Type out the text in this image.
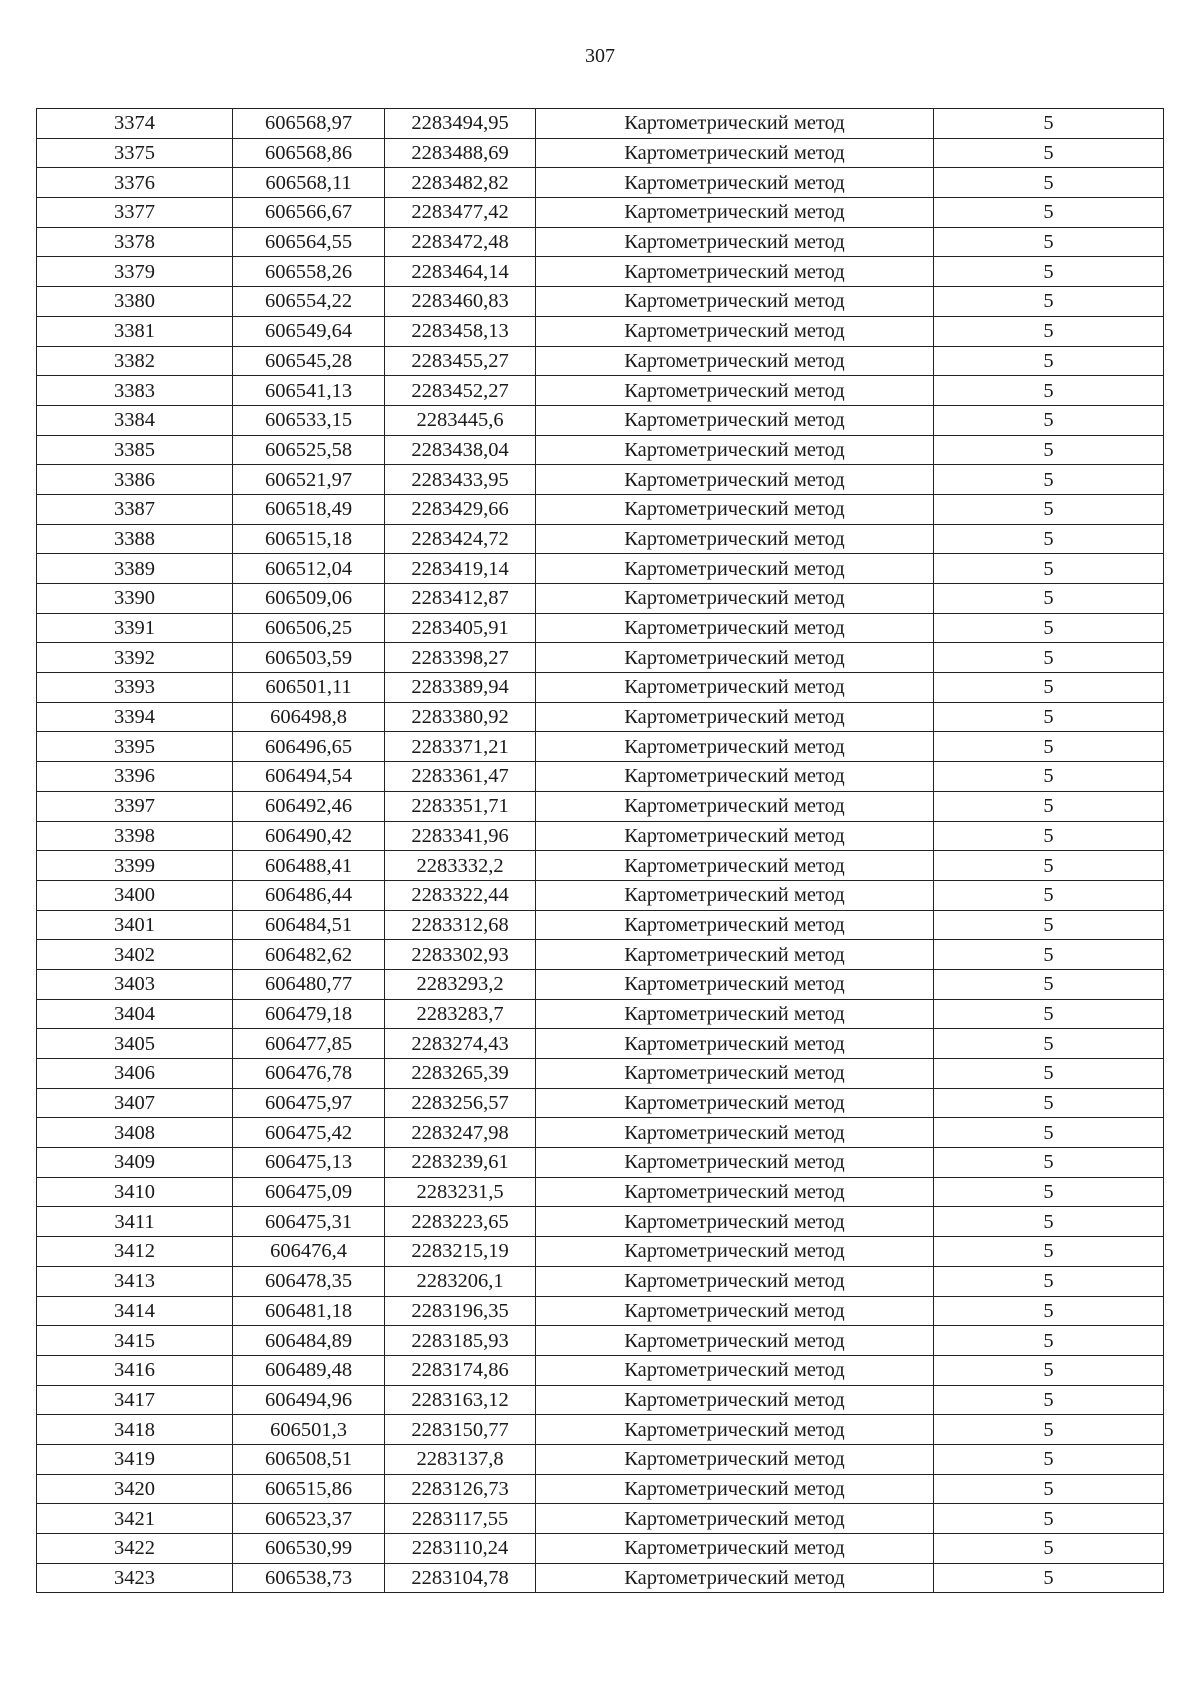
307
3374	606568,97	2283494,95	Картометрический метод	5
3375	606568,86	2283488,69	Картометрический метод	5
3376	606568,11	2283482,82	Картометрический метод	5
3377	606566,67	2283477,42	Картометрический метод	5
3378	606564,55	2283472,48	Картометрический метод	5
3379	606558,26	2283464,14	Картометрический метод	5
3380	606554,22	2283460,83	Картометрический метод	5
3381	606549,64	2283458,13	Картометрический метод	5
3382	606545,28	2283455,27	Картометрический метод	5
3383	606541,13	2283452,27	Картометрический метод	5
3384	606533,15	2283445,6	Картометрический метод	5
3385	606525,58	2283438,04	Картометрический метод	5
3386	606521,97	2283433,95	Картометрический метод	5
3387	606518,49	2283429,66	Картометрический метод	5
3388	606515,18	2283424,72	Картометрический метод	5
3389	606512,04	2283419,14	Картометрический метод	5
3390	606509,06	2283412,87	Картометрический метод	5
3391	606506,25	2283405,91	Картометрический метод	5
3392	606503,59	2283398,27	Картометрический метод	5
3393	606501,11	2283389,94	Картометрический метод	5
3394	606498,8	2283380,92	Картометрический метод	5
3395	606496,65	2283371,21	Картометрический метод	5
3396	606494,54	2283361,47	Картометрический метод	5
3397	606492,46	2283351,71	Картометрический метод	5
3398	606490,42	2283341,96	Картометрический метод	5
3399	606488,41	2283332,2	Картометрический метод	5
3400	606486,44	2283322,44	Картометрический метод	5
3401	606484,51	2283312,68	Картометрический метод	5
3402	606482,62	2283302,93	Картометрический метод	5
3403	606480,77	2283293,2	Картометрический метод	5
3404	606479,18	2283283,7	Картометрический метод	5
3405	606477,85	2283274,43	Картометрический метод	5
3406	606476,78	2283265,39	Картометрический метод	5
3407	606475,97	2283256,57	Картометрический метод	5
3408	606475,42	2283247,98	Картометрический метод	5
3409	606475,13	2283239,61	Картометрический метод	5
3410	606475,09	2283231,5	Картометрический метод	5
3411	606475,31	2283223,65	Картометрический метод	5
3412	606476,4	2283215,19	Картометрический метод	5
3413	606478,35	2283206,1	Картометрический метод	5
3414	606481,18	2283196,35	Картометрический метод	5
3415	606484,89	2283185,93	Картометрический метод	5
3416	606489,48	2283174,86	Картометрический метод	5
3417	606494,96	2283163,12	Картометрический метод	5
3418	606501,3	2283150,77	Картометрический метод	5
3419	606508,51	2283137,8	Картометрический метод	5
3420	606515,86	2283126,73	Картометрический метод	5
3421	606523,37	2283117,55	Картометрический метод	5
3422	606530,99	2283110,24	Картометрический метод	5
3423	606538,73	2283104,78	Картометрический метод	5
